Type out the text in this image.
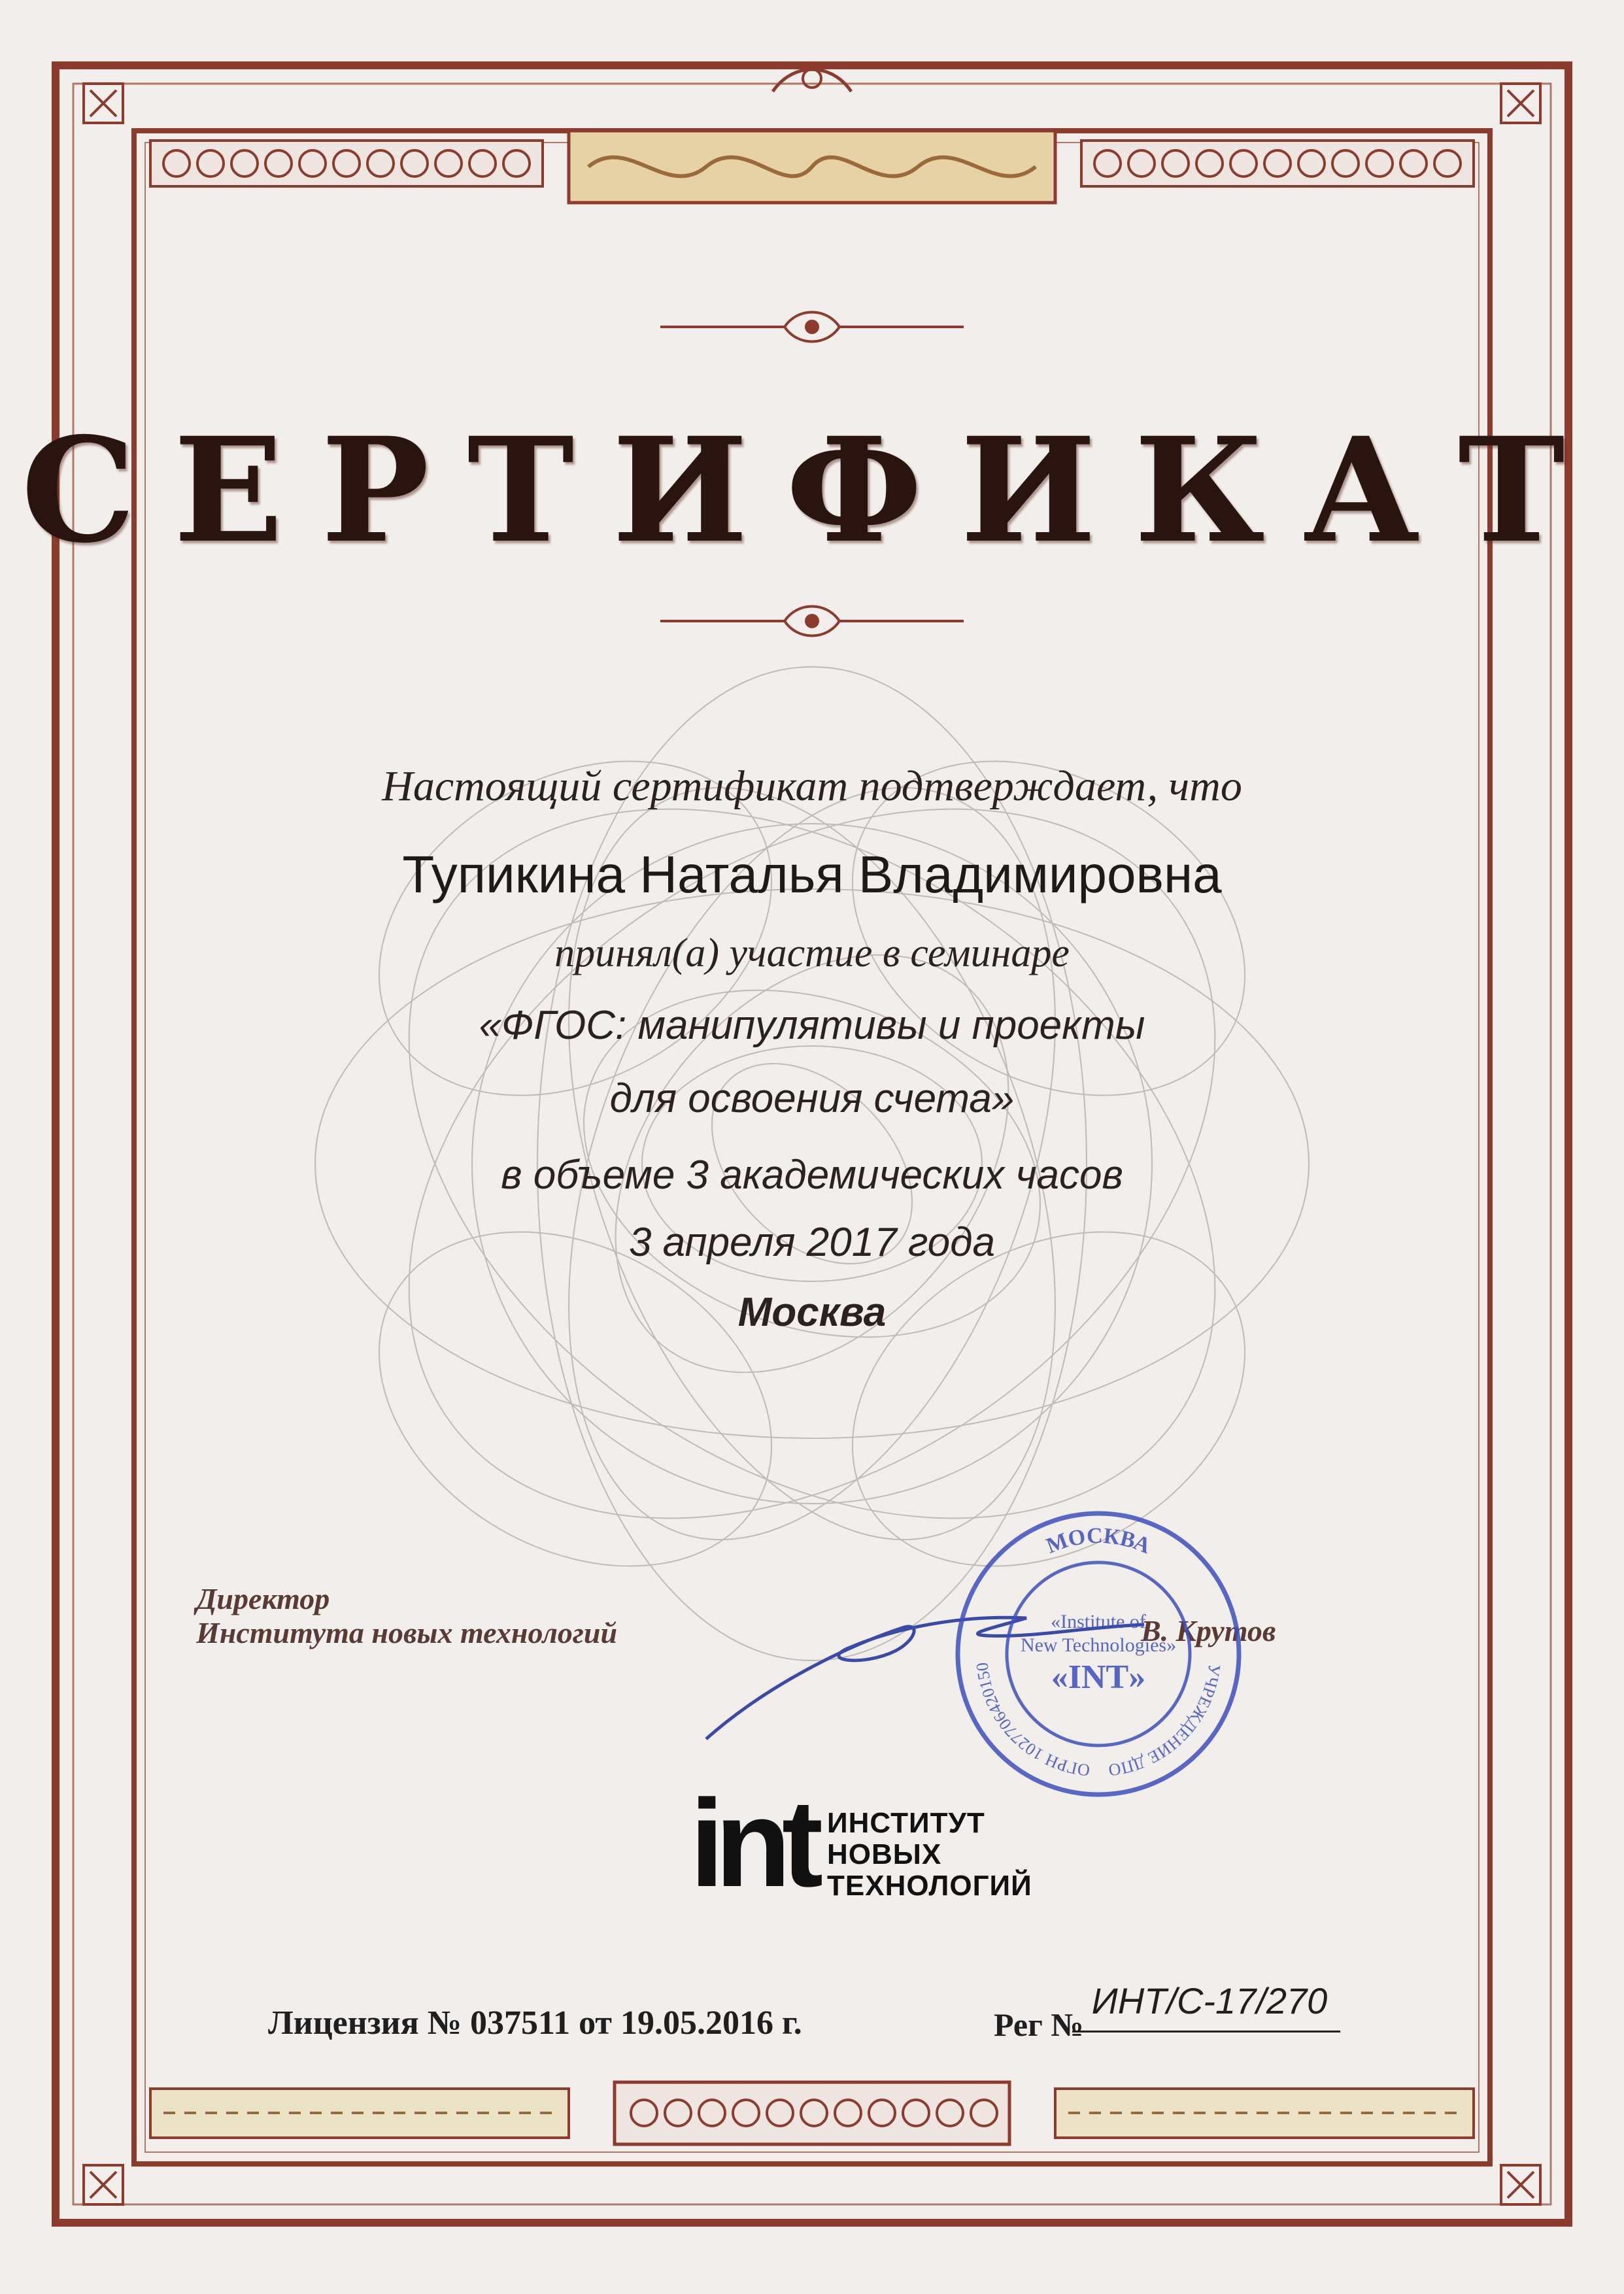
СЕРТИФИКАТ
Настоящий сертификат подтверждает, что
Тупикина Наталья Владимировна
принял(а) участие в семинаре
«ФГОС: манипулятивы и проекты
для освоения счета»
в объеме 3 академических часов
3 апреля 2017 года
Москва
Директор
Института новых технологий	В. Крутов
МОСКВА
ОГРН 1027706420150	УЧРЕЖДЕНИЕ ДПО
«Institute of
New Technologies»
«INT»
int ИНСТИТУТ
НОВЫХ
ТЕХНОЛОГИЙ
Лицензия № 037511 от 19.05.2016 г.	Рег №
ИНТ/С-17/270
